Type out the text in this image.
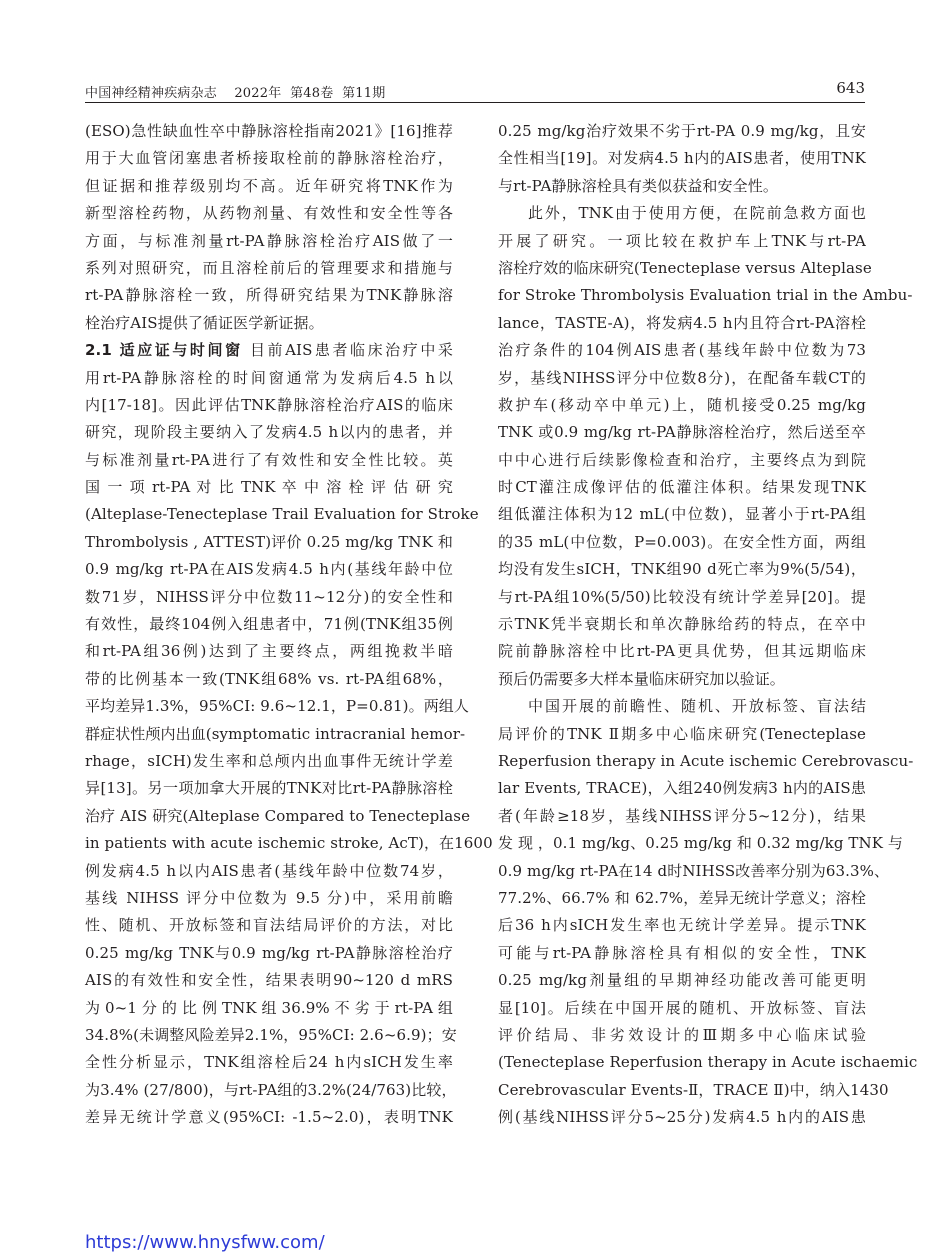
中国神经精神疾病杂志    2022年  第48卷  第11期	643
(ESO)急性缺血性卒中静脉溶栓指南2021》[16]推荐
用于大血管闭塞患者桥接取栓前的静脉溶栓治疗，
但证据和推荐级别均不高。近年研究将TNK作为
新型溶栓药物，从药物剂量、有效性和安全性等各
方面，与标准剂量rt-PA静脉溶栓治疗AIS做了一
系列对照研究，而且溶栓前后的管理要求和措施与
rt-PA静脉溶栓一致，所得研究结果为TNK静脉溶
栓治疗AIS提供了循证医学新证据。
2.1 适应证与时间窗 目前AIS患者临床治疗中采
用rt-PA静脉溶栓的时间窗通常为发病后4.5 h以
内[17-18]。因此评估TNK静脉溶栓治疗AIS的临床
研究，现阶段主要纳入了发病4.5 h以内的患者，并
与标准剂量rt-PA进行了有效性和安全性比较。英
国 一 项 rt-PA 对 比 TNK 卒 中 溶 栓 评 估 研 究
(Alteplase-Tenecteplase Trail Evaluation for Stroke
Thrombolysis , ATTEST)评价 0.25 mg/kg TNK 和
0.9 mg/kg rt-PA在AIS发病4.5 h内(基线年龄中位
数71岁，NIHSS评分中位数11~12分)的安全性和
有效性，最终104例入组患者中，71例(TNK组35例
和rt-PA组36例)达到了主要终点，两组挽救半暗
带的比例基本一致(TNK组68% vs. rt-PA组68%，
平均差异1.3%，95%CI: 9.6~12.1，P=0.81)。两组人
群症状性颅内出血(symptomatic intracranial hemor-
rhage，sICH)发生率和总颅内出血事件无统计学差
异[13]。另一项加拿大开展的TNK对比rt-PA静脉溶栓
治疗 AIS 研究(Alteplase Compared to Tenecteplase
in patients with acute ischemic stroke, AcT)，在1600
例发病4.5 h以内AIS患者(基线年龄中位数74岁，
基线 NIHSS 评分中位数为 9.5 分)中，采用前瞻
性、随机、开放标签和盲法结局评价的方法，对比
0.25 mg/kg TNK与0.9 mg/kg rt-PA静脉溶栓治疗
AIS的有效性和安全性，结果表明90~120 d mRS
为 0~1 分 的 比 例 TNK 组 36.9% 不 劣 于 rt-PA 组
34.8%(未调整风险差异2.1%，95%CI: 2.6~6.9)；安
全性分析显示，TNK组溶栓后24 h内sICH发生率
为3.4% (27/800)，与rt-PA组的3.2%(24/763)比较，
差异无统计学意义(95%CI: -1.5~2.0)，表明TNK
0.25 mg/kg治疗效果不劣于rt-PA 0.9 mg/kg，且安
全性相当[19]。对发病4.5 h内的AIS患者，使用TNK
与rt-PA静脉溶栓具有类似获益和安全性。
此外，TNK由于使用方便，在院前急救方面也
开展了研究。一项比较在救护车上TNK与rt-PA
溶栓疗效的临床研究(Tenecteplase versus Alteplase
for Stroke Thrombolysis Evaluation trial in the Ambu-
lance，TASTE-A)，将发病4.5 h内且符合rt-PA溶栓
治疗条件的104例AIS患者(基线年龄中位数为73
岁，基线NIHSS评分中位数8分)，在配备车载CT的
救护车(移动卒中单元)上，随机接受0.25 mg/kg
TNK 或0.9 mg/kg rt-PA静脉溶栓治疗，然后送至卒
中中心进行后续影像检查和治疗，主要终点为到院
时CT灌注成像评估的低灌注体积。结果发现TNK
组低灌注体积为12 mL(中位数)，显著小于rt-PA组
的35 mL(中位数，P=0.003)。在安全性方面，两组
均没有发生sICH，TNK组90 d死亡率为9%(5/54)，
与rt-PA组10%(5/50)比较没有统计学差异[20]。提
示TNK凭半衰期长和单次静脉给药的特点，在卒中
院前静脉溶栓中比rt-PA更具优势，但其远期临床
预后仍需要多大样本量临床研究加以验证。
中国开展的前瞻性、随机、开放标签、盲法结
局评价的TNK Ⅱ期多中心临床研究(Tenecteplase
Reperfusion therapy in Acute ischemic Cerebrovascu-
lar Events, TRACE)，入组240例发病3 h内的AIS患
者(年龄≥18岁，基线NIHSS评分5~12分)，结果
发 现 ，0.1 mg/kg、0.25 mg/kg 和 0.32 mg/kg TNK 与
0.9 mg/kg rt-PA在14 d时NIHSS改善率分别为63.3%、
77.2%、66.7% 和 62.7%，差异无统计学意义；溶栓
后36 h内sICH发生率也无统计学差异。提示TNK
可能与rt-PA静脉溶栓具有相似的安全性，TNK
0.25 mg/kg剂量组的早期神经功能改善可能更明
显[10]。后续在中国开展的随机、开放标签、盲法
评价结局、非劣效设计的Ⅲ期多中心临床试验
(Tenecteplase Reperfusion therapy in Acute ischaemic
Cerebrovascular Events-Ⅱ，TRACE Ⅱ)中，纳入1430
例(基线NIHSS评分5~25分)发病4.5 h内的AIS患
https://www.hnysfww.com/
